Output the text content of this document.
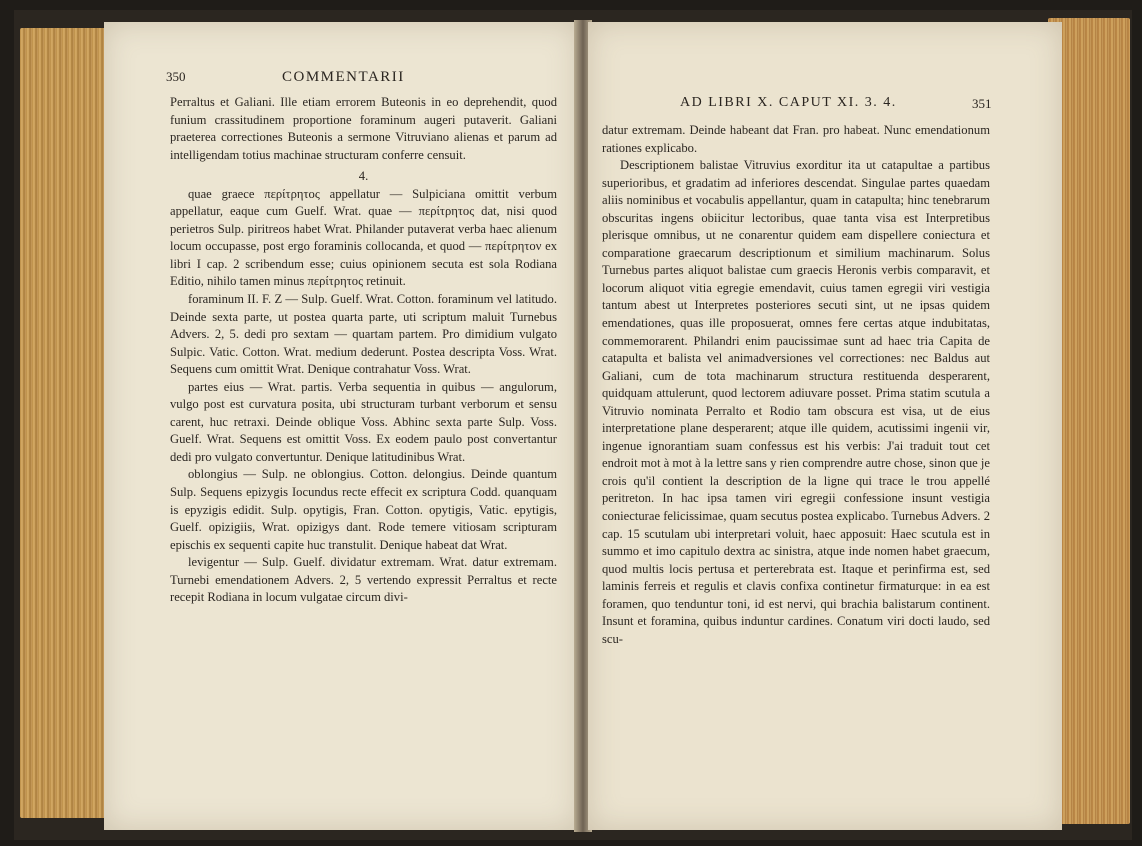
350	COMMENTARII

Perraltus et Galiani. Ille etiam errorem Buteonis in eo deprehendit, quod funium crassitudinem proportione foraminum augeri putaverit. Galiani praeterea correctiones Buteonis a sermone Vitruviano alienas et parum ad intelligendam totius machinae structuram conferre censuit.

4.

quae graece περίτρητος appellatur — Sulpiciana omittit verbum appellatur, eaque cum Guelf. Wrat. quae — περίτρητος dat, nisi quod perietros Sulp. piritreos habet Wrat. Philander putaverat verba haec alienum locum occupasse, post ergo foraminis collocanda, et quod — περίτρητον ex libri I cap. 2 scribendum esse; cuius opinionem secuta est sola Rodiana Editio, nihilo tamen minus περίτρητος retinuit.

foraminum II. F. Z — Sulp. Guelf. Wrat. Cotton. foraminum vel latitudo. Deinde sexta parte, ut postea quarta parte, uti scriptum maluit Turnebus Advers. 2, 5. dedi pro sextam — quartam partem. Pro dimidium vulgato Sulpic. Vatic. Cotton. Wrat. medium dederunt. Postea descripta Voss. Wrat. Sequens cum omittit Wrat. Denique contrahatur Voss. Wrat.

partes eius — Wrat. partis. Verba sequentia in quibus — angulorum, vulgo post est curvatura posita, ubi structuram turbant verborum et sensu carent, huc retraxi. Deinde oblique Voss. Abhinc sexta parte Sulp. Voss. Guelf. Wrat. Sequens est omittit Voss. Ex eodem paulo post convertantur dedi pro vulgato convertuntur. Denique latitudinibus Wrat.

oblongius — Sulp. ne oblongius. Cotton. delongius. Deinde quantum Sulp. Sequens epizygis Iocundus recte effecit ex scriptura Codd. quanquam is epyzigis edidit. Sulp. opytigis, Fran. Cotton. opytigis, Vatic. epytigis, Guelf. opizigiis, Wrat. opizigys dant. Rode temere vitiosam scripturam epischis ex sequenti capite huc transtulit. Denique habeat dat Wrat.

levigentur — Sulp. Guelf. dividatur extremam. Wrat. datur extremam. Turnebi emendationem Advers. 2, 5 vertendo expressit Perraltus et recte recepit Rodiana in locum vulgatae circum divi-

AD LIBRI X. CAPUT XI. 3. 4.	351

datur extremam. Deinde habeant dat Fran. pro habeat. Nunc emendationum rationes explicabo.

Descriptionem balistae Vitruvius exorditur ita ut catapultae a partibus superioribus, et gradatim ad inferiores descendat. Singulae partes quaedam aliis nominibus et vocabulis appellantur, quam in catapulta; hinc tenebrarum obscuritas ingens obiicitur lectoribus, quae tanta visa est Interpretibus plerisque omnibus, ut ne conarentur quidem eam dispellere coniectura et comparatione graecarum descriptionum et similium machinarum. Solus Turnebus partes aliquot balistae cum graecis Heronis verbis comparavit, et locorum aliquot vitia egregie emendavit, cuius tamen egregii viri vestigia tantum abest ut Interpretes posteriores secuti sint, ut ne ipsas quidem emendationes, quas ille proposuerat, omnes fere certas atque indubitatas, commemorarent. Philandri enim paucissimae sunt ad haec tria Capita de catapulta et balista vel animadversiones vel correctiones: nec Baldus aut Galiani, cum de tota machinarum structura restituenda desperarent, quidquam attulerunt, quod lectorem adiuvare posset. Prima statim scutula a Vitruvio nominata Perralto et Rodio tam obscura est visa, ut de eius interpretatione plane desperarent; atque ille quidem, acutissimi ingenii vir, ingenue ignorantiam suam confessus est his verbis: J'ai traduit tout cet endroit mot à mot à la lettre sans y rien comprendre autre chose, sinon que je crois qu'il contient la description de la ligne qui trace le trou appellé peritreton. In hac ipsa tamen viri egregii confessione insunt vestigia coniecturae felicissimae, quam secutus postea explicabo. Turnebus Advers. 2 cap. 15 scutulam ubi interpretari voluit, haec apposuit: Haec scutula est in summo et imo capitulo dextra ac sinistra, atque inde nomen habet graecum, quod multis locis pertusa et perterebrata est. Itaque et perinfirma est, sed laminis ferreis et regulis et clavis confixa continetur firmaturque: in ea est foramen, quo tenduntur toni, id est nervi, qui brachia balistarum continent. Insunt et foramina, quibus induntur cardines. Conatum viri docti laudo, sed scu-
